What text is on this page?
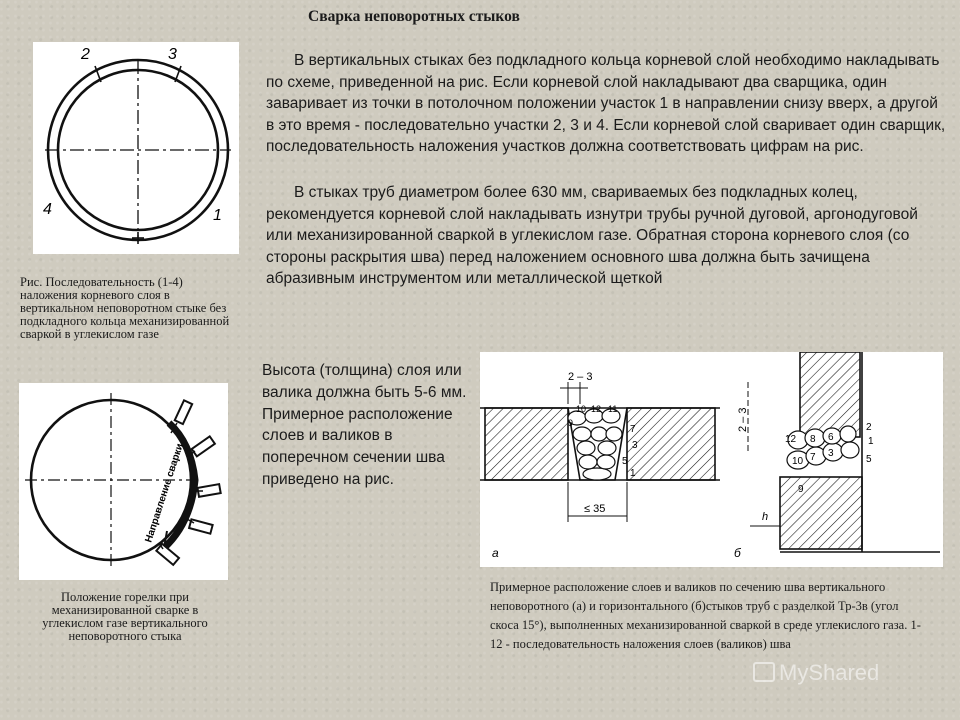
Сварка неповоротных стыков
В вертикальных стыках без подкладного кольца корневой слой необходимо накладывать по схеме, приведенной на рис. Если корневой слой накладывают два сварщика, один заваривает из точки в потолочном положении участок 1 в направлении снизу вверх, а другой в это время - последовательно участки 2, 3 и 4. Если корневой слой сваривает один сварщик, последовательность наложения участков должна соответствовать цифрам на рис.
В стыках труб диаметром более 630 мм, свариваемых без подкладных колец, рекомендуется корневой слой накладывать изнутри трубы ручной дуговой, аргонодуговой или механизированной сваркой в углекислом газе. Обратная сторона корневого слоя (со стороны раскрытия шва) перед наложением основного шва должна быть зачищена абразивным инструментом или металлической щеткой
Высота (толщина) слоя или валика должна быть 5-6 мм. Примерное расположение слоев и валиков в поперечном сечении шва приведено на рис.
2	3
4	1
Рис. Последовательность (1-4) наложения корневого слоя в вертикальном неповоротном стыке без подкладного кольца механизированной сваркой в углекислом газе
Направление сварки
Положение горелки при механизированной сварке в углекислом газе вертикального неповоротного стыка
10 12 11
9
7
3
5
1
2 – 3
≤ 35
а
12
10 7 3
8 6
2
1
5
9
2 – 3
h
б
Примерное расположение слоев и валиков по сечению шва вертикального неповоротного (а) и горизонтального (б)стыков труб с разделкой Тр-3в (угол скоса 15°), выполненных механизированной сваркой в среде углекислого газа. 1-12 - последовательность наложения слоев (валиков) шва
MyShared
